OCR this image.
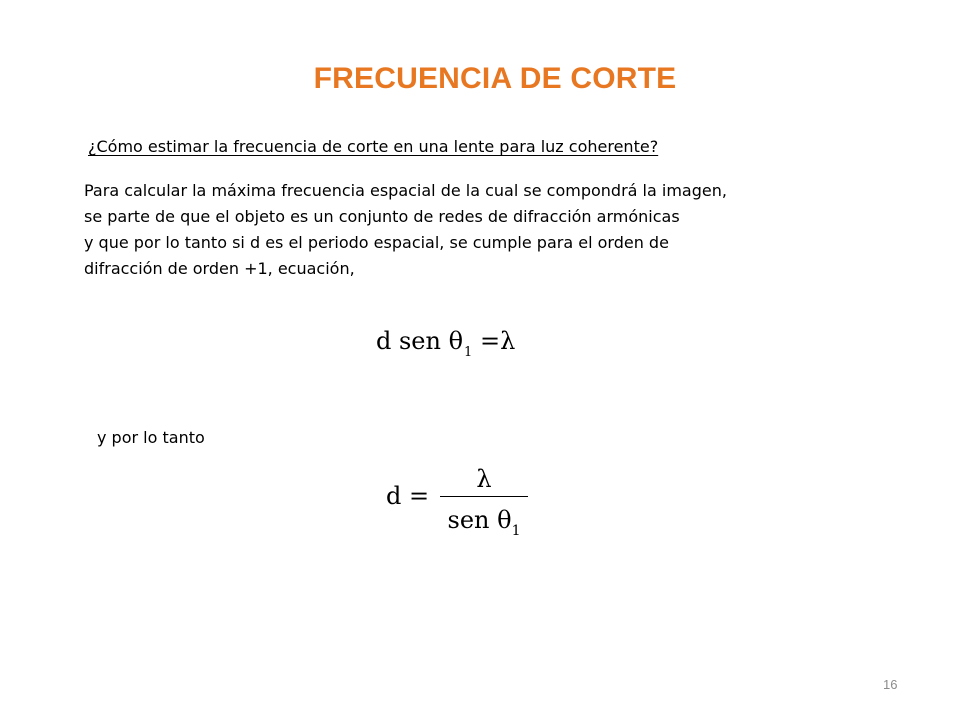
FRECUENCIA DE CORTE
¿Cómo estimar la frecuencia de corte en una lente para luz coherente?
Para calcular la máxima frecuencia espacial de la cual se compondrá la imagen,
se parte de que el objeto es un conjunto de redes de difracción armónicas
y que por lo tanto si d es el periodo espacial, se cumple para el orden de
difracción de orden +1, ecuación,
d sen $\theta_1 =\lambda$
y por lo tanto
d =
λ
sen $\theta_1$
16
